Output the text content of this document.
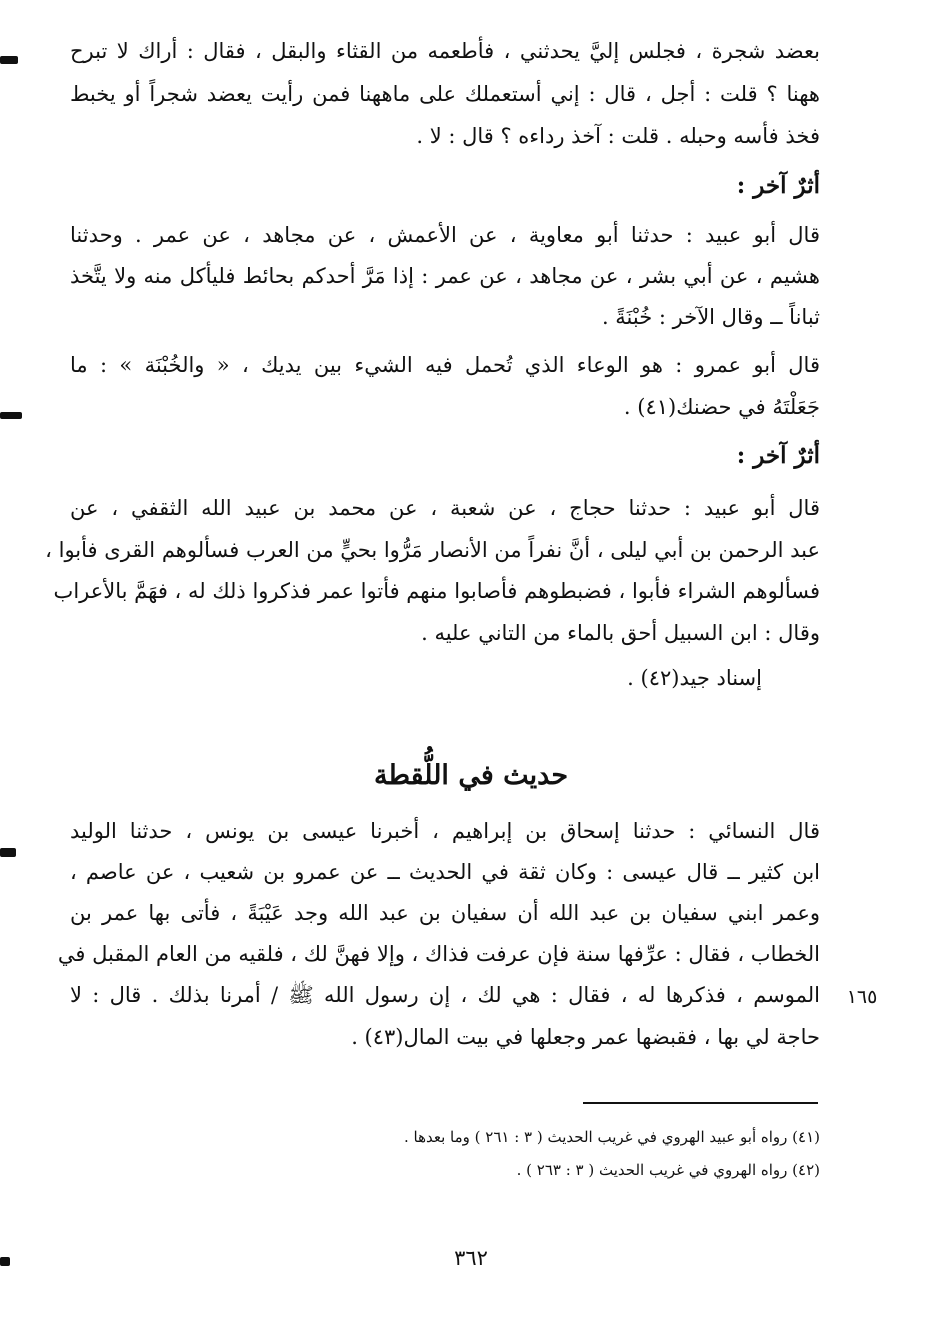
بعضد شجرة ، فجلس إليَّ يحدثني ، فأطعمه من القثاء والبقل ، فقال : أراك لا تبرح
ههنا ؟ قلت : أجل ، قال : إني أستعملك على ماههنا فمن رأيت يعضد شجراً أو يخبط
فخذ فأسه وحبله . قلت : آخذ رداءه ؟ قال : لا .
أثرٌ آخر :
قال أبو عبيد : حدثنا أبو معاوية ، عن الأعمش ، عن مجاهد ، عن عمر . وحدثنا
هشيم ، عن أبي بشر ، عن مجاهد ، عن عمر : إذا مَرَّ أحدكم بحائط فليأكل منه ولا يتَّخذ
ثباناً ــ وقال الآخر : خُبْنَةً .
قال أبو عمرو : هو الوعاء الذي تُحمل فيه الشيء بين يديك ، « والخُبْنَة » : ما
جَعَلْتَهُ في حضنك(٤١) .
أثرٌ آخر :
قال أبو عبيد : حدثنا حجاج ، عن شعبة ، عن محمد بن عبيد الله الثقفي ، عن
عبد الرحمن بن أبي ليلى ، أنَّ نفراً من الأنصار مَرُّوا بحيٍّ من العرب فسألوهم القرى فأبوا ،
فسألوهم الشراء فأبوا ، فضبطوهم فأصابوا منهم فأتوا عمر فذكروا ذلك له ، فهَمَّ بالأعراب
وقال : ابن السبيل أحق بالماء من التاني عليه .
إسناد جيد(٤٢) .
حديث في اللُّقطة
قال النسائي : حدثنا إسحاق بن إبراهيم ، أخبرنا عيسى بن يونس ، حدثنا الوليد
ابن كثير ــ قال عيسى : وكان ثقة في الحديث ــ عن عمرو بن شعيب ، عن عاصم ،
وعمر ابني سفيان بن عبد الله أن سفيان بن عبد الله وجد عَيْبَةً ، فأتى بها عمر بن
الخطاب ، فقال : عرِّفها سنة فإن عرفت فذاك ، وإلا فهنَّ لك ، فلقيه من العام المقبل في
الموسم ، فذكرها له ، فقال : هي لك ، إن رسول الله ﷺ / أمرنا بذلك . قال : لا
حاجة لي بها ، فقبضها عمر وجعلها في بيت المال(٤٣) .
١٦٥
(٤١) رواه أبو عبيد الهروي في غريب الحديث ( ٣ : ٢٦١ ) وما بعدها .
(٤٢) رواه الهروي في غريب الحديث ( ٣ : ٢٦٣ ) .
٣٦٢
